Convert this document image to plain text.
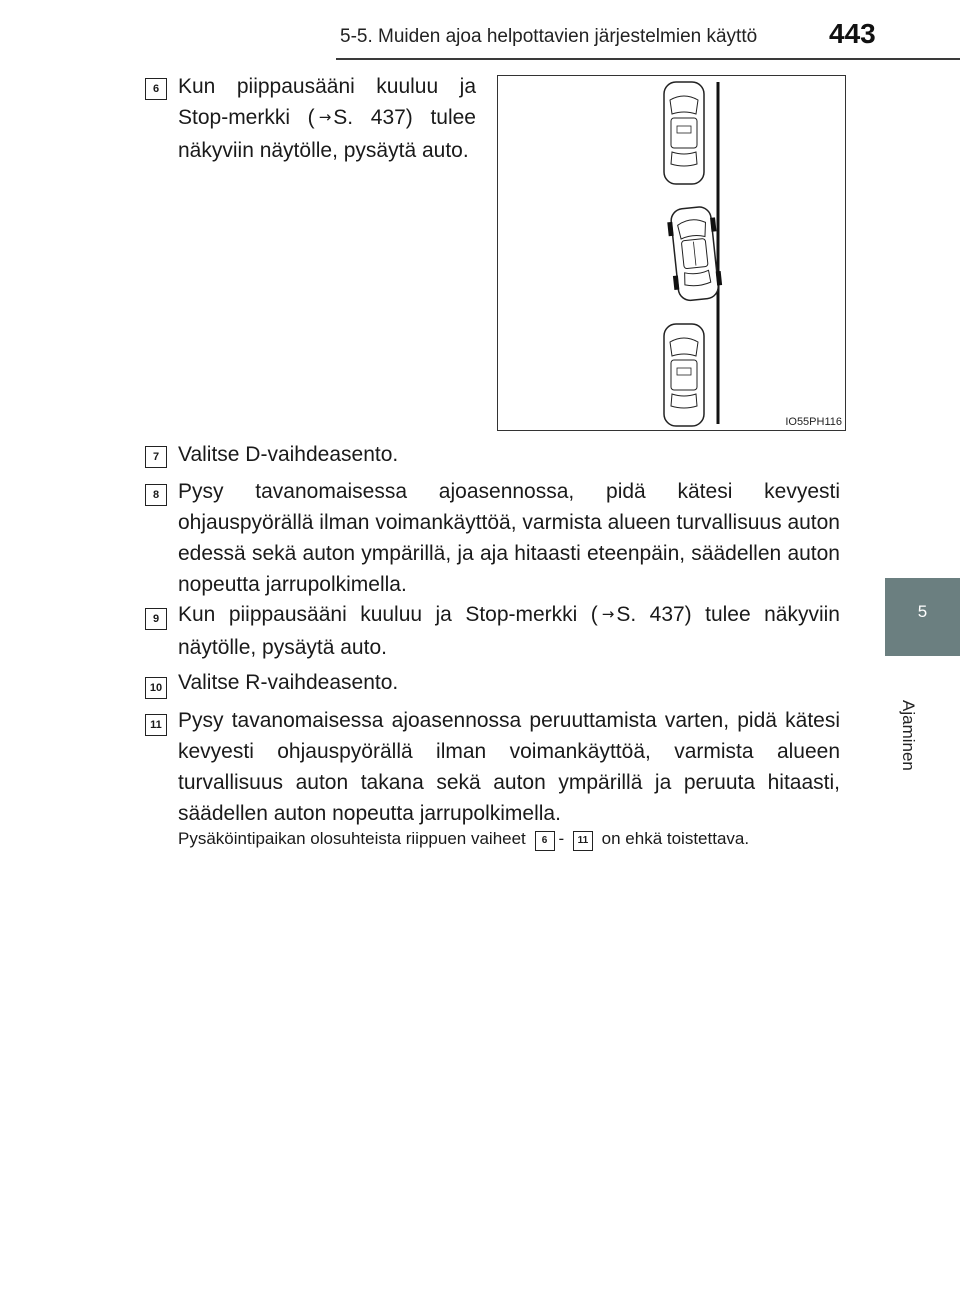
5-5. Muiden ajoa helpottavien järjestelmien käyttö	443
5
Ajaminen
6 Kun piippausääni kuuluu ja Stop-merkki ( →S. 437) tulee näkyviin näytölle, pysäytä auto.
IO55PH116
7 Valitse D-vaihdeasento.
8 Pysy tavanomaisessa ajoasennossa, pidä kätesi kevyesti ohjauspyörällä ilman voimankäyttöä, varmista alueen turvallisuus auton edessä sekä auton ympärillä, ja aja hitaasti eteenpäin, säädellen auton nopeutta jarrupolkimella.
9 Kun piippausääni kuuluu ja Stop-merkki ( →S. 437) tulee näkyviin näytölle, pysäytä auto.
10 Valitse R-vaihdeasento.
11 Pysy tavanomaisessa ajoasennossa peruuttamista varten, pidä kätesi kevyesti ohjauspyörällä ilman voimankäyttöä, varmista alueen turvallisuus auton takana sekä auton ympärillä ja peruuta hitaasti, säädellen auton nopeutta jarrupolkimella.
Pysäköintipaikan olosuhteista riippuen vaiheet 6 - 11 on ehkä toistettava.
